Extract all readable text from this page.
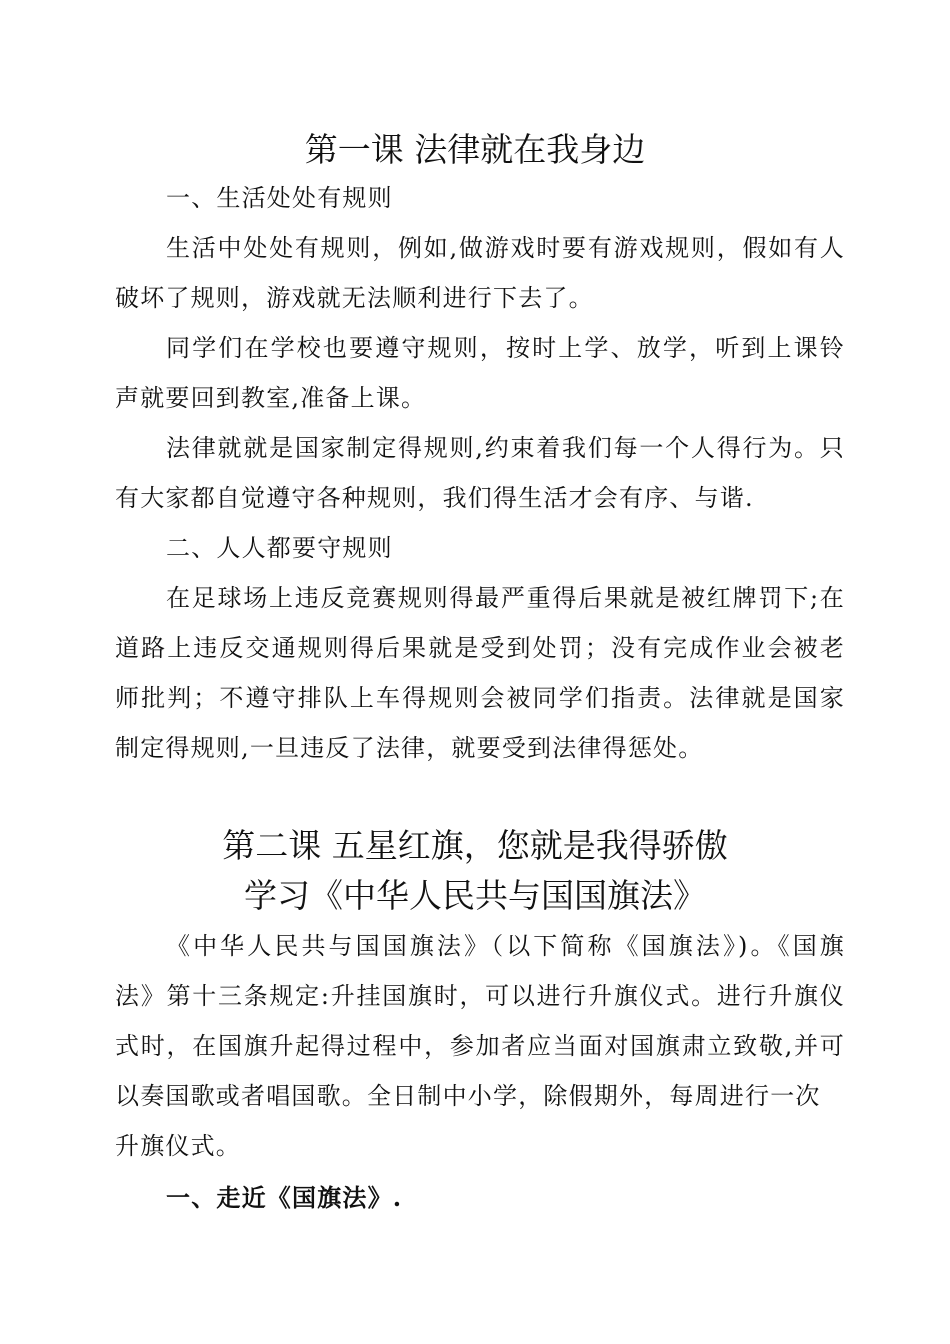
第一课 法律就在我身边
一、生活处处有规则
生活中处处有规则，例如,做游戏时要有游戏规则，假如有人
破坏了规则，游戏就无法顺利进行下去了。
同学们在学校也要遵守规则，按时上学、放学，听到上课铃
声就要回到教室,准备上课。
法律就就是国家制定得规则,约束着我们每一个人得行为。只
有大家都自觉遵守各种规则，我们得生活才会有序、与谐.
二、人人都要守规则
在足球场上违反竞赛规则得最严重得后果就是被红牌罚下;在
道路上违反交通规则得后果就是受到处罚；没有完成作业会被老
师批判；不遵守排队上车得规则会被同学们指责。法律就是国家
制定得规则,一旦违反了法律，就要受到法律得惩处。
第二课 五星红旗，您就是我得骄傲
学习《中华人民共与国国旗法》
《中华人民共与国国旗法》（以下简称《国旗法》)。《国旗
法》第十三条规定:升挂国旗时，可以进行升旗仪式。进行升旗仪
式时，在国旗升起得过程中，参加者应当面对国旗肃立致敬,并可
以奏国歌或者唱国歌。全日制中小学，除假期外，每周进行一次
升旗仪式。
一、走近《国旗法》.
